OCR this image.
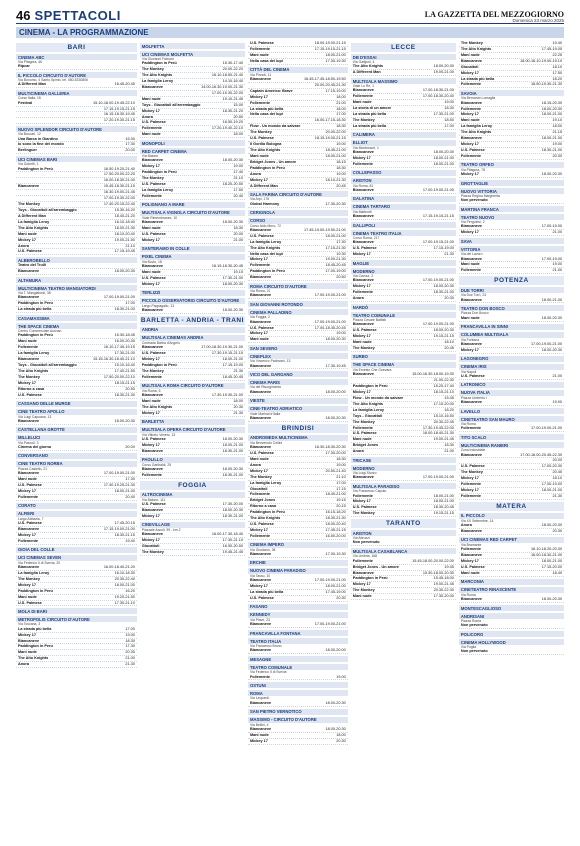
46 SPETTACOLI	LA GAZZETTA DEL MEZZOGIORNO
Domenica 23 marzo 2025
CINEMA - LA PROGRAMMAZIONE
BARI
CINEMA ABC
Via Pitagora, 46
Ripcar
IL PICCOLO CIRCUITO D'AUTORE
Via Bonomo, 4 Santo Spirito, tel. 080-5330806
A Different Man	16.45-20.45
MULTICINEMA GALLERIA
Corso Italia, 15
Festival	15.10-18.00-19.45-22.10
17.15-19.15-21.15
16.15-18.30-19.45
17.20-19.30-21.15
NUOVO SPLENDOR CIRCUITO D'AUTORE
Via Buccari, 12
Una Barca in Giardino	15.30
Io sono la fine del mondo	17.30
Berlinguer	20.00
UCI CINEMAS BARI
Via Gobetti, 1
Paddington in Perù	16.50-19.20-21.40
17.50-20.00-22.20
16.00-18.30-21.00
Biancaneve	15.45-18.30-21.15
16.30-19.00-21.45
17.00-19.30-22.00
The Monkey	17.40-20.15-22.40
Toys - Giocattoli all'arrembaggio	15.30-16.20
A Different Man	18.40-21.20
La famiglia Leroy	16.10-18.40
The Alto Knights	18.00-21.30
Mani nude	18.10-20.40
Mickey 17	19.00-21.50
Anora	21.10
U.S. Palmese	17.15-19.45
ALBEROBELLO
Teatro del Trulli
Biancaneve	18.00-20.30
ALTAMURA
MULTICINEMA TEATRO MANGIATORDI
Via T. Mangiatordi, 38
Biancaneve	17.00-19.00-21.00
Paddington in Perù	17.00
La strada più bella	18.30-21.00
CASAMASSIMA
THE SPACE CINEMA
Centro Commerciale Auchan
Paddington in Perù	15.30-18.45
Mani nude	16.00-20.30
Follemente	16.10-17.45-19.15
La famiglia Leroy	17.30-21.00
Biancaneve	15.15-16.30-18.40-21.10
Toys - Giocattoli all'arrembaggio	15.10-16.40
The Alto Knights	17.40-21.50
The Monkey	17.50-20.00-22.10
Mickey 17	18.15-21.15
Ritorno a casa	20.50
U.S. Palmese	18.30-21.30
CASSANO DELLE MURGE
CINE TEATRO APOLLO
Via Luigi Capuana, 13
Biancaneve	18.00-20.30
CASTELLANA GROTTE
MILLELUCI
Via Pascoli, 3
Cinema del giorno	20.00
CONVERSANO
CINE TEATRO NORBA
Piazza Castello, 21
Biancaneve	17.00-19.00-21.00
Mani nude	17.30
U.S. Palmese	17.40-19.25-21.30
Mickey 17	18.00-21.00
Follemente	20.40
CORATO
ALFIERI
Largo Abbazia, 7
U.S. Palmese	17.45-20.15
Biancaneve	17.15-19.00-21.00
Mickey 17	18.30-21.15
Follemente	19.40
GIOIA DEL COLLE
UCI CINEMAS SEVEN
Via Federico II di Svevia, 20
Biancaneve	16.00-18.40-21.20
La famiglia Leroy	16.10-18.30
The Monkey	20.30-22.40
Mickey 17	18.00-21.00
Paddington in Perù	16.20
Mani nude	19.20-21.50
U.S. Palmese	17.30-21.10
MOLA DI BARI
METROPOLIS CIRCUITO D'AUTORE
Via Toscana, 3
La strada più bella	17.00
Mickey 17	19.00
Biancaneve	18.30
Paddington in Perù	17.30
Mani nude	20.30
The Alto Knights	21.00
Anora	21.30
MOLFETTA
UCI CINEMAS MOLFETTA
Via Giovanni Falcone
Paddington in Perù	15.30-17.40
The Monkey	20.00-22.20
The Alto Knights	16.10-18.50-21.40
La famiglia Leroy	14.10-16.40
Biancaneve	14.00-16.30-19.00-21.30
17.00-19.30-22.00
Mani nude	19.10-21.45
Toys - Giocattoli all'arrembaggio	15.00
Mickey 17	18.30-21.20
Anora	20.50
U.S. Palmese	16.50-19.20
Follemente	17.20-19.40-22.10
Mani nude	18.00
MONOPOLI
RED CARPET CINEMA
Via Baione
Biancaneve	18.00-20.30
Mickey 17	19.00
Paddington in Perù	17.40
The Monkey	21.10
U.S. Palmese	18.20-20.50
La famiglia Leroy	17.50
Follemente	20.40
POLIGNANO A MARE
MULTISALA VIGNOLA CIRCUITO D'AUTORE
Viale Rimembranze, 10
Biancaneve	18.00-20.30
Mani nude	18.30
U.S. Palmese	20.00
Mickey 17	21.00
SANTERAMO IN COLLE
PIXEL CINEMA
Via Bovio, 18
Biancaneve	16.15-18.30-20.45
Mani nude	19.15
U.S. Palmese	17.30-21.00
Mickey 17	18.00-20.30
TERLIZZI
PICCOLO OSSERVATORIO CIRCUITO D'AUTORE
Largo Pappagallo, 13
Biancaneve	18.00-20.30
BARLETTA - ANDRIA - TRANI
ANDRIA
MULTISALA CINEMAS ANDRIA
Contrada Barba d'Angelo
Biancaneve	17.00-18.30-19.30-21.00
U.S. Palmese	17.30-19.15-21.15
Mickey 17	18.00-21.00
Paddington in Perù	17.15-19.00
The Monkey	21.30
Follemente	18.45-20.45
MULTISALA ROMA CIRCUITO D'AUTORE
Via Roma, 6
Biancaneve	17.30-19.30-21.00
Mani nude	18.00
The Alto Knights	20.30
Mickey 17	21.30
BARLETTA
MULTISALA OPERA CIRCUITO D'AUTORE
Via Vittorio Veneto, 13
U.S. Palmese	18.00-20.30
Mickey 17	18.00-21.00
Biancaneve	18.30-21.00
PAOLILLO
Corso Garibaldi, 25
Biancaneve	18.00-20.30
Follemente	18.30-21.00
FOGGIA
ALTROCINEMA
Via Baione, 111
U.S. Palmese	17.30-20.00
Biancaneve	18.00-20.30
Mickey 17	18.30-21.00
CINEVILLAGE
Piazzale Ascoli, 99 - km 2
Biancaneve	16.00-17.30-18.40
Mickey 17	17.30-21.10
Giocattoli	16.50-20.50
The Monkey	19.45-21.45
U.S. Palmese	18.00-19.00-21.15
Follemente	17.15-19.15-21.15
Mani nude	18.00-21.00
Nella casa dei lupi	17.30-19.30
CITTÀ DEL CINEMA
Via Pinnoli, 11
Biancaneve	16.45-17.45-18.50-19.50
20.00-20.45-21.30
Captain America: Brave	17.15-19.00
Mickey 17	18.00
Follemente	21.00
La strada più bella	18.00
Nella casa dei lupi	17.00
16.00-17.15-18.30
Flow - Un mondo da salvare	18.30
The Monkey	20.00-22.00
U.S. Palmese	18.15-19.00-21.15
Il Gorilla Bologna	19.00
The Alto Knights	18.45-21.00
Mani nude	18.00-21.00
Bridget Jones - Un amore	18.15
Paddington in Perù	18.30
Anora	19.00
Mickey 17	18.10-21.30
A Different Man	20.45
SALA FARINA CIRCUITO D'AUTORE
Via Arpi, 176
Global Harmony	17.30-20.30
CERIGNOLA
CORSO
Corso Aldo Moro, 72
Biancaneve	17.45-19.00-19.50-21.00
U.S. Palmese	18.00-21.00
La famiglia Leroy	17.30
The Alto Knights	17.15-21.30
Nella casa dei lupi	19.30
Mickey 17	19.00-21.30
Follemente	18.45-20.45
Paddington in Perù	17.00-19.00
Biancaneve	20.50
ROMA CIRCUITO D'AUTORE
Via Roma, 21
Biancaneve	17.00-19.00-21.00
SAN GIOVANNI ROTONDO
CINEMA PALLADINO
Via Foggia, 2
Biancaneve	17.00-19.00-21.00
U.S. Palmese	17.00-18.45-20.45
Mickey 17	19.00
Mani nude	18.00-20.30
SAN SEVERO
CINEPLEX
Via Vincenzo Padovani, 13
Biancaneve	17.30-19.45
VICO DEL GARGANO
CINEMA PARIS
Via del Risorgimento
Biancaneve	18.00-20.00
VIESTE
CINE-TEATRO ADRIATICO
Viale Marinai d'Italia
Biancaneve	18.00-20.30
BRINDISI
ANDROMEDA MULTICINEMA
Via Benvenuto Cellini
Biancaneve	16.30-18.30-20.30
U.S. Palmese	17.30-20.00
Mani nude	18.30
Anora	19.00
Mickey 17	20.50-21.40
The Monkey	21.10
La famiglia Leroy	17.00
Giocattoli	17.15
Follemente	18.40-21.00
Bridget Jones	19.15
Ritorno a casa	20.15
Paddington in Perù	16.15-18.20
The Alto Knights	18.30-21.30
U.S. Palmese	18.00-20.40
Mickey 17	17.45-21.15
Follemente	16.50-20.00
CINEMA IMPERO
Via Giordano, 38
Biancaneve	17.00-19.30
ERCHIE
NUOVO CINEMA PARADISO
Via Tasso, 10
Biancaneve	17.00-19.00-21.00
Mickey 17	18.00-21.00
La strada più bella	17.45-19.00
U.S. Palmese	20.30
FASANO
KENNEDY
Via Piave, 23
Biancaneve	17.00-19.00-21.00
FRANCAVILLA FONTANA
TEATRO ITALIA
Via Francesco Bruno
Biancaneve	18.00-20.00
MESAGNE
TEATRO COMUNALE
Via Federico II di Svevia
Follemente	19.00
OSTUNI
ROMA
Via Leopardi
Biancaneve	18.00-20.30
SAN PIETRO VERNOTICO
MASSIMO - CIRCUITO D'AUTORE
Via Bellini, 4
Biancaneve	18.00-20.30
Mani nude	18.00
Mickey 17	20.30
LECCE
DB D'ESSAI
Via Gallipoli, 4
The Alto Knights	18.00-20.30
A Different Man	19.00-21.00
MULTISALA MASSIMO
Viale Lo Re, 1
Biancaneve	17.00-18.30-21.00
Follemente	17.00-18.30-20.40
Mani nude	19.00
La storia di un amore	18.30
La strada più bella	17.30-21.00
The Monkey	18.50
La strada più bella	17.00
CALIMERA
ELLIOT
Via Montessori, 1
Biancaneve	18.00-20.30
Mickey 17	18.00-21.00
Follemente	18.00-21.00
COLLEPASSO
ARISTON
Via Roma, 81
Biancaneve	17.00-19.00-21.00
GALATINA
CINEMA TARTARO
Via Matteotti
Biancaneve	17.15-19.15-21.15
GALLIPOLI
CINEMA TEATRO ITALIA
Corso Roma, 217
Biancaneve	17.00-19.15-21.00
U.S. Palmese	17.15-19.00
Mickey 17	21.30
MAGLIE
MODERNO
Via Cavour, 2
Biancaneve	17.00-19.00-21.00
Mickey 17	18.00-20.30
Follemente	18.30-21.00
Anora	20.30
NARDÒ
TEATRO COMUNALE
Piazza Cesare Battisti
Biancaneve	17.00-19.00-21.00
U.S. Palmese	18.00-20.30
Mickey 17	19.15-21.15
Mani nude	18.10
The Monkey	20.45
SURBO
THE SPACE CINEMA
Via Ernesto Che Guevara
Biancaneve	15.00-16.30-18.00-19.30
21.00-22.30
Paddington in Perù	15.20-17.40
Mickey 17	18.15-21.10
Flow - Un mondo da salvare	15.45
The Alto Knights	17.10-20.00
La famiglia Leroy	18.20
Toys - Giocattoli	15.10-16.50
The Monkey	20.30-22.45
Follemente	17.30-19.45-22.00
U.S. Palmese	16.00-18.40-21.30
Mani nude	19.00-21.45
Bridget Jones	18.30
Anora	21.00
TRICASE
MODERNO
Via Luigi Sturzo
Biancaneve	17.00-19.00-21.00
MULTISALA PARADISO
Via Francesco Caputo
Follemente	18.00-21.00
Mickey 17	18.00-21.00
U.S. Palmese	18.30-20.45
The Monkey	19.15-21.15
TARANTO
ARISTON
Via Abruzzi
Non pervenuto
MULTISALA CASABLANCA
Via Umbria, 168
Follemente	15.45-18.00-20.00-22.00
Bridget Jones - Un amore	19.45
Biancaneve	15.30-18.00-20.30
Paddington in Perù	15.45-18.00
Mickey 17	19.00-21.45
The Monkey	20.30-22.30
Mani nude	17.30-20.00
The Monkey	19.40
The Alto Knights	17.45-19.05
Mani nude	22.25
Biancaneve	18.00-18.10-19.00-19.10
Giocattoli	18.10
Mickey 17	17.50
La strada più bella	18.20
Follemente	18.50-19.30-21.30
SAVOIA
Via Bernardo Lomaglia
Biancaneve	18.15-20.30
Follemente	18.00-20.30
Mickey 17	18.00-21.00
Mani nude	19.10
La famiglia Leroy	18.00
The Alto Knights	21.15
Biancaneve	18.00-21.00
Mickey 17	19.00
U.S. Palmese	18.30-21.00
Follemente	20.30
TEATRO ORFEO
Via Pitagora, 78
Mickey 17	18.00-20.30
GROTTAGLIE
NUOVO VITTORIA
Piazza Regina Margherita
Non pervenuto
MARTINA FRANCA
TEATRO NUOVO
Via Pergolesi, 2
Biancaneve	17.00-19.00
Mickey 17	21.00
SAVA
VITTORIA
Via del Lavoro
Biancaneve	17.00-19.00
Mani nude	19.00
Follemente	21.00
POTENZA
DUE TORRI
Via Due Torri, 23
Biancaneve	18.00-21.00
TEATRO DON BOSCO
Piazza Don Bosco
Mani nude	18.00-20.30
FRANCAVILLA IN SINNI
COLUMBIA MULTISALA
Via Fontana
Biancaneve	17.00-19.00-21.00
Mickey 17	18.00-20.30
LAGONEGRO
CINEMA IRIS
Via Napoli
U.S. Palmese	21.00
LATRONICO
NUOVA ITALIA
Piazza Umberto I
Biancaneve	19.00
LAVELLO
CINETEATRO SAN MAURO
Via Roma
Follemente	17.00-19.00-21.00
TITO SCALO
MULTICINEMA RANIERI
Zona Industriale
Biancaneve	17.00-18.00-20.45-22.30
20.00
U.S. Palmese	17.00-20.30
The Monkey	20.45
Mickey 17	18.10
Follemente	17.00-19.00
Mickey 17	18.00-21.00
Follemente	21.30
MATERA
IL PICCOLO
Via XX Settembre, 14
Anora	18.00-20.30
Biancaneve	20.30
UCI CINEMAS RED CARPET
Via Bramante
Follemente	16.10-18.20-20.30
Biancaneve	16.00-18.30-21.00
Mickey 17	18.00-21.00
U.S. Palmese	17.15-20.00
Mani nude	18.40
MARCONIA
CINETEATRO RINASCENTE
Via Roma
Biancaneve	18.00-20.30
MONTESCAGLIOSO
ANDRISANI
Piazza Roma
Non pervenuto
POLICORO
CINEMA HOLLYWOOD
Via Puglia
Non pervenuto
